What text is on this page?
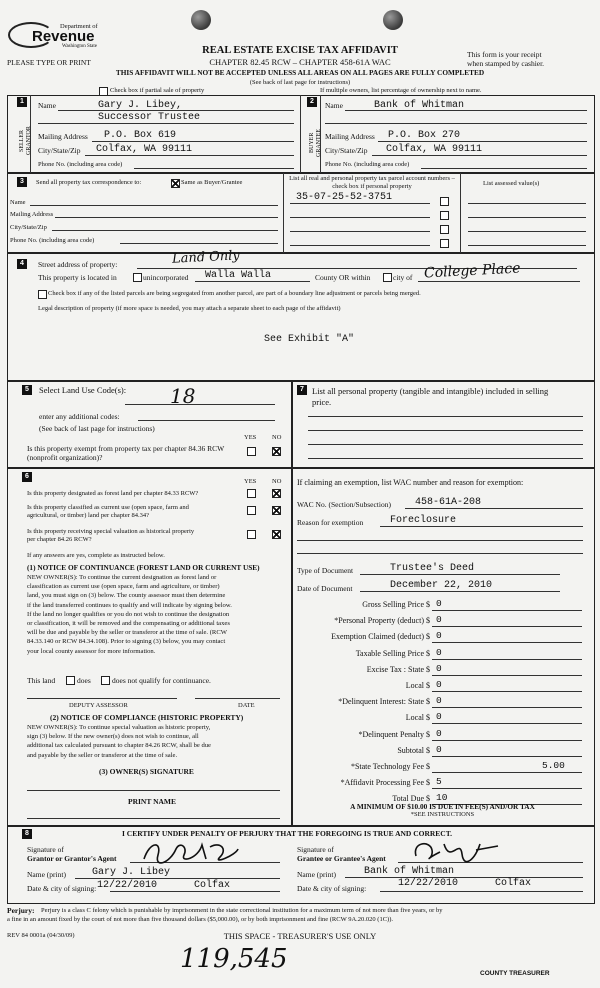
Department of
Revenue
Washington State
PLEASE TYPE OR PRINT
REAL ESTATE EXCISE TAX AFFIDAVIT
CHAPTER 82.45 RCW – CHAPTER 458-61A WAC
This form is your receipt
when stamped by cashier.
THIS AFFIDAVIT WILL NOT BE ACCEPTED UNLESS ALL AREAS ON ALL PAGES ARE FULLY COMPLETED
(See back of last page for instructions)
Check box if partial sale of property	If multiple owners, list percentage of ownership next to name.
1
SELLER GRANTOR
Name	Gary J. Libey,
Successor Trustee
Mailing Address P.O. Box 619
City/State/Zip Colfax, WA 99111
Phone No. (including area code)
2
BUYER GRANTEE
Name	Bank of Whitman
Mailing Address P.O. Box 270
City/State/Zip Colfax, WA 99111
Phone No. (including area code)
3	Send all property tax correspondence to:	Same as Buyer/Grantee
Name
Mailing Address
City/State/Zip
Phone No. (including area code)
List all real and personal property tax parcel account numbers – check box if personal property
35-07-25-52-3751
List assessed value(s)
4	Street address of property:	Land Only
This property is located in	unincorporated Walla Walla	County OR within	city of College Place
Check box if any of the listed parcels are being segregated from another parcel, are part of a boundary line adjustment or parcels being merged.
Legal description of property (if more space is needed, you may attach a separate sheet to each page of the affidavit)
See Exhibit "A"
5	Select Land Use Code(s): 18
enter any additional codes:
(See back of last page for instructions)
YES NO
Is this property exempt from property tax per chapter 84.36 RCW (nonprofit organization)?
7 List all personal property (tangible and intangible) included in selling
price.
6
YES NO
Is this property designated as forest land per chapter 84.33 RCW?
Is this property classified as current use (open space, farm and
agricultural, or timber) land per chapter 84.34?
Is this property receiving special valuation as historical property
per chapter 84.26 RCW?
If any answers are yes, complete as instructed below.
(1) NOTICE OF CONTINUANCE (FOREST LAND OR CURRENT USE)
NEW OWNER(S): To continue the current designation as forest land or
classification as current use (open space, farm and agriculture, or timber)
land, you must sign on (3) below. The county assessor must then determine
if the land transferred continues to qualify and will indicate by signing below.
If the land no longer qualifies or you do not wish to continue the designation
or classification, it will be removed and the compensating or additional taxes
will be due and payable by the seller or transferor at the time of sale. (RCW
84.33.140 or RCW 84.34.108). Prior to signing (3) below, you may contact
your local county assessor for more information.
This land	does	does not qualify for continuance.
DEPUTY ASSESSOR	DATE
(2) NOTICE OF COMPLIANCE (HISTORIC PROPERTY)
NEW OWNER(S): To continue special valuation as historic property,
sign (3) below. If the new owner(s) does not wish to continue, all
additional tax calculated pursuant to chapter 84.26 RCW, shall be due
and payable by the seller or transferor at the time of sale.
(3) OWNER(S) SIGNATURE
PRINT NAME
If claiming an exemption, list WAC number and reason for exemption:
WAC No. (Section/Subsection) 458-61A-208
Reason for exemption	Foreclosure
Type of Document	Trustee's Deed
Date of Document	December 22, 2010
Gross Selling Price $ 0
*Personal Property (deduct) $ 0
Exemption Claimed (deduct) $ 0
Taxable Selling Price $ 0
Excise Tax : State $ 0
Local $ 0
*Delinquent Interest: State $ 0
Local $ 0
*Delinquent Penalty $ 0
Subtotal $ 0
*State Technology Fee $	5.00
*Affidavit Processing Fee $ 5
Total Due $ 10
A MINIMUM OF $10.00 IS DUE IN FEE(S) AND/OR TAX
*SEE INSTRUCTIONS
8	I CERTIFY UNDER PENALTY OF PERJURY THAT THE FOREGOING IS TRUE AND CORRECT.
Signature of
Grantor or Grantor's Agent
Name (print)	Gary J. Libey
Date & city of signing: 12/22/2010	Colfax
Signature of
Grantee or Grantee's Agent
Name (print)	Bank of Whitman
Date & city of signing:	12/22/2010	Colfax
Perjury: Perjury is a class C felony which is punishable by imprisonment in the state correctional institution for a maximum term of not more than five years, or by
a fine in an amount fixed by the court of not more than five thousand dollars ($5,000.00), or by both imprisonment and fine (RCW 9A.20.020 (1C)).
REV 84 0001a (04/30/09)	THIS SPACE - TREASURER'S USE ONLY
119,545	COUNTY TREASURER
